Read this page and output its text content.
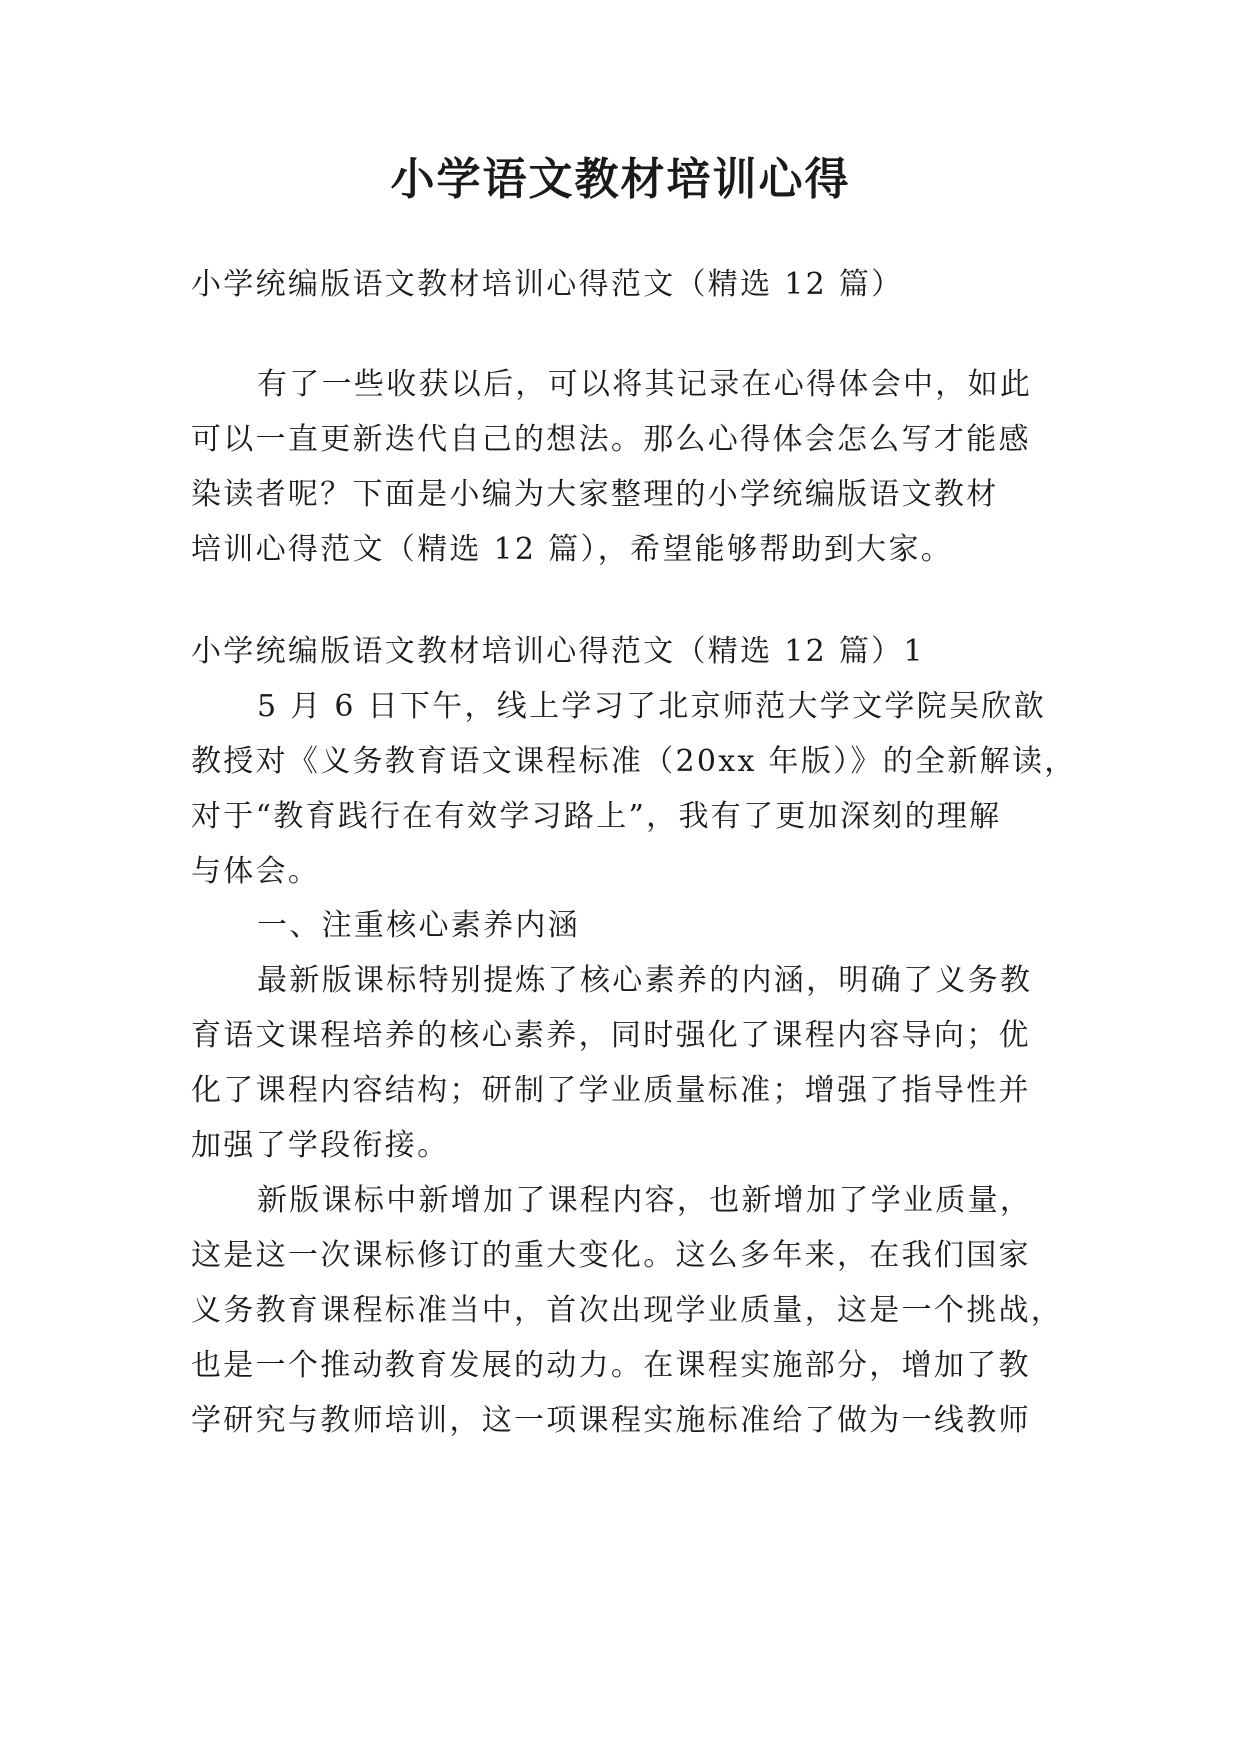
小学语文教材培训心得

小学统编版语文教材培训心得范文（精选 12 篇）

有了一些收获以后，可以将其记录在心得体会中，如此

可以一直更新迭代自己的想法。那么心得体会怎么写才能感

染读者呢？下面是小编为大家整理的小学统编版语文教材

培训心得范文（精选 12 篇），希望能够帮助到大家。

小学统编版语文教材培训心得范文（精选 12 篇）1

5 月 6 日下午，线上学习了北京师范大学文学院吴欣歆

教授对《义务教育语文课程标准（20xx 年版）》的全新解读，

对于“教育践行在有效学习路上”，我有了更加深刻的理解

与体会。

一、注重核心素养内涵

最新版课标特别提炼了核心素养的内涵，明确了义务教

育语文课程培养的核心素养，同时强化了课程内容导向；优

化了课程内容结构；研制了学业质量标准；增强了指导性并

加强了学段衔接。

新版课标中新增加了课程内容，也新增加了学业质量，

这是这一次课标修订的重大变化。这么多年来，在我们国家

义务教育课程标准当中，首次出现学业质量，这是一个挑战，

也是一个推动教育发展的动力。在课程实施部分，增加了教

学研究与教师培训，这一项课程实施标准给了做为一线教师
